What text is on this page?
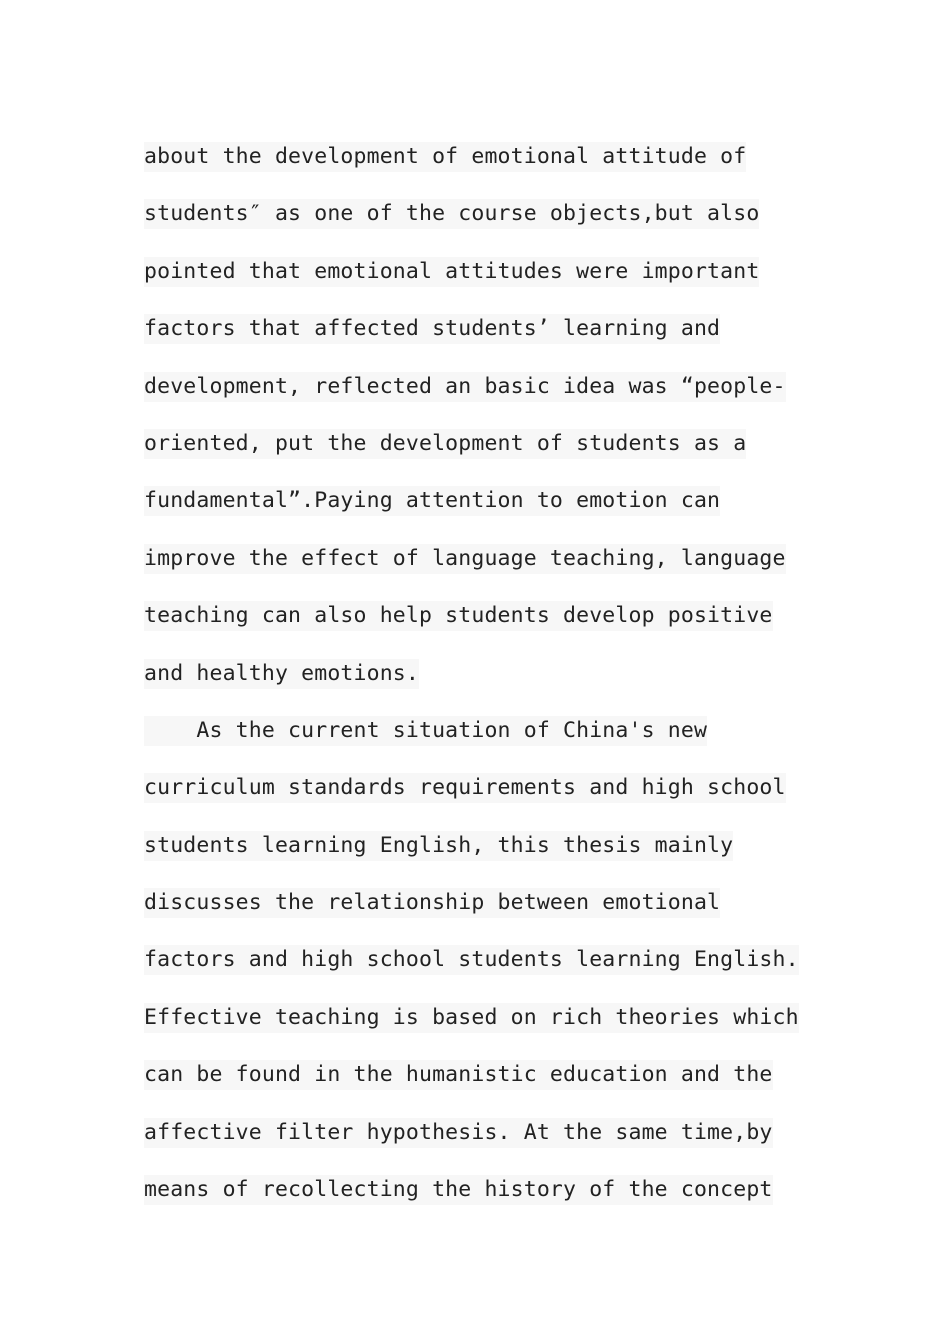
about the development of emotional attitude of
students″ as one of the course objects,but also
pointed that emotional attitudes were important
factors that affected students’ learning and
development, reflected an basic idea was “people-
oriented, put the development of students as a
fundamental”.Paying attention to emotion can
improve the effect of language teaching, language
teaching can also help students develop positive
and healthy emotions.
As the current situation of China's new
curriculum standards requirements and high school
students learning English, this thesis mainly
discusses the relationship between emotional
factors and high school students learning English.
Effective teaching is based on rich theories which
can be found in the humanistic education and the
affective filter hypothesis. At the same time,by
means of recollecting the history of the concept
